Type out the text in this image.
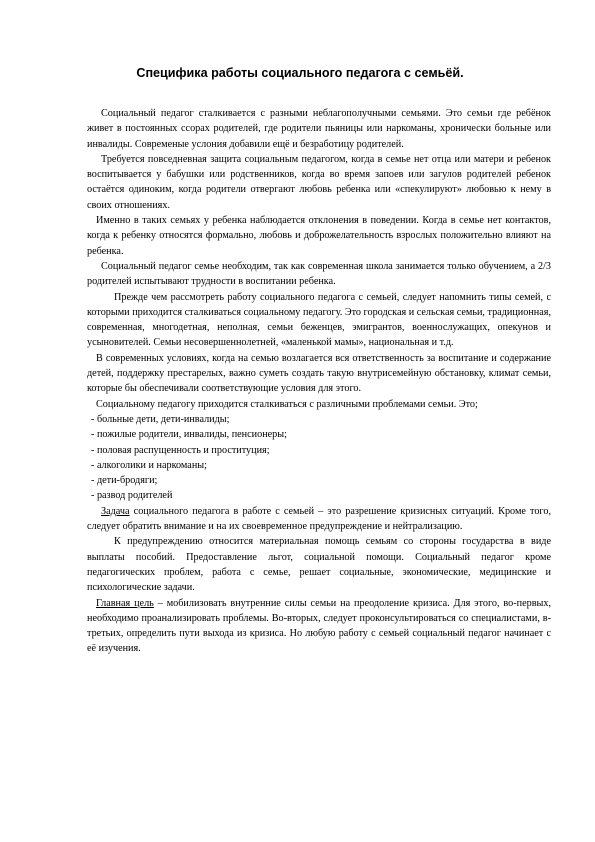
Специфика работы социального педагога с семьёй.

Социальный педагог сталкивается с разными неблагополучными семьями. Это семьи где ребёнок живет в постоянных ссорах родителей, где родители пьяницы или наркоманы, хронически больные или инвалиды. Современые услония добавили ещё и безработицу родителей.

Требуется повседневная защита социальным педагогом, когда в семье нет отца или матери и ребенок воспитывается у бабушки или родственников, когда во время запоев или загулов родителей ребенок остаётся одиноким, когда родители отвергают любовь ребенка или «спекулируют» любовью к нему в своих отношениях.

Именно в таких семьях у ребенка наблюдается отклонения в поведении. Когда в семье нет контактов, когда к ребенку относятся формально, любовь и доброжелательность взрослых положительно влияют на ребенка.

Социальный педагог семье необходим, так как современная школа занимается только обучением, а 2/3 родителей испытывают трудности в воспитании ребенка.

Прежде чем рассмотреть работу социального педагога с семьей, следует напомнить типы семей, с которыми приходится сталкиваться социальному педагогу. Это городская и сельская семьи, традиционная, современная, многодетная, неполная, семьи беженцев, эмигрантов, военнослужащих, опекунов и усыновителей. Семьи несовершеннолетней, «маленькой мамы», национальная и т.д.

В современных условиях, когда на семью возлагается вся ответственность за воспитание и содержание детей, поддержку престарелых, важно суметь создать такую внутрисемейную обстановку, климат семьи, которые бы обеспечивали соответствующие условия для этого.

Социальному педагогу приходится сталкиваться с различными проблемами семьи. Это;

- больные дети, дети-инвалиды;

- пожилые родители, инвалиды, пенсионеры;

- половая распущенность и проституция;

- алкоголики и наркоманы;

- дети-бродяги;

- развод родителей

Задача социального педагога в работе с семьей – это разрешение кризисных ситуаций. Кроме того, следует обратить внимание и на их своевременное предупреждение и нейтрализацию.

К предупреждению относится материальная помощь семьям со стороны государства в виде выплаты пособий. Предоставление льгот, социальной помощи. Социальный педагог кроме педагогических проблем, работа с семье, решает социальные, экономические, медицинские и психологические задачи.

Главная цель – мобилизовать внутренние силы семьи на преодоление кризиса. Для этого, во-первых, необходимо проанализировать проблемы. Во-вторых, следует проконсультироваться со специалистами, в-третьих, определить пути выхода из кризиса. Но любую работу с семьей социальный педагог начинает с её изучения.
